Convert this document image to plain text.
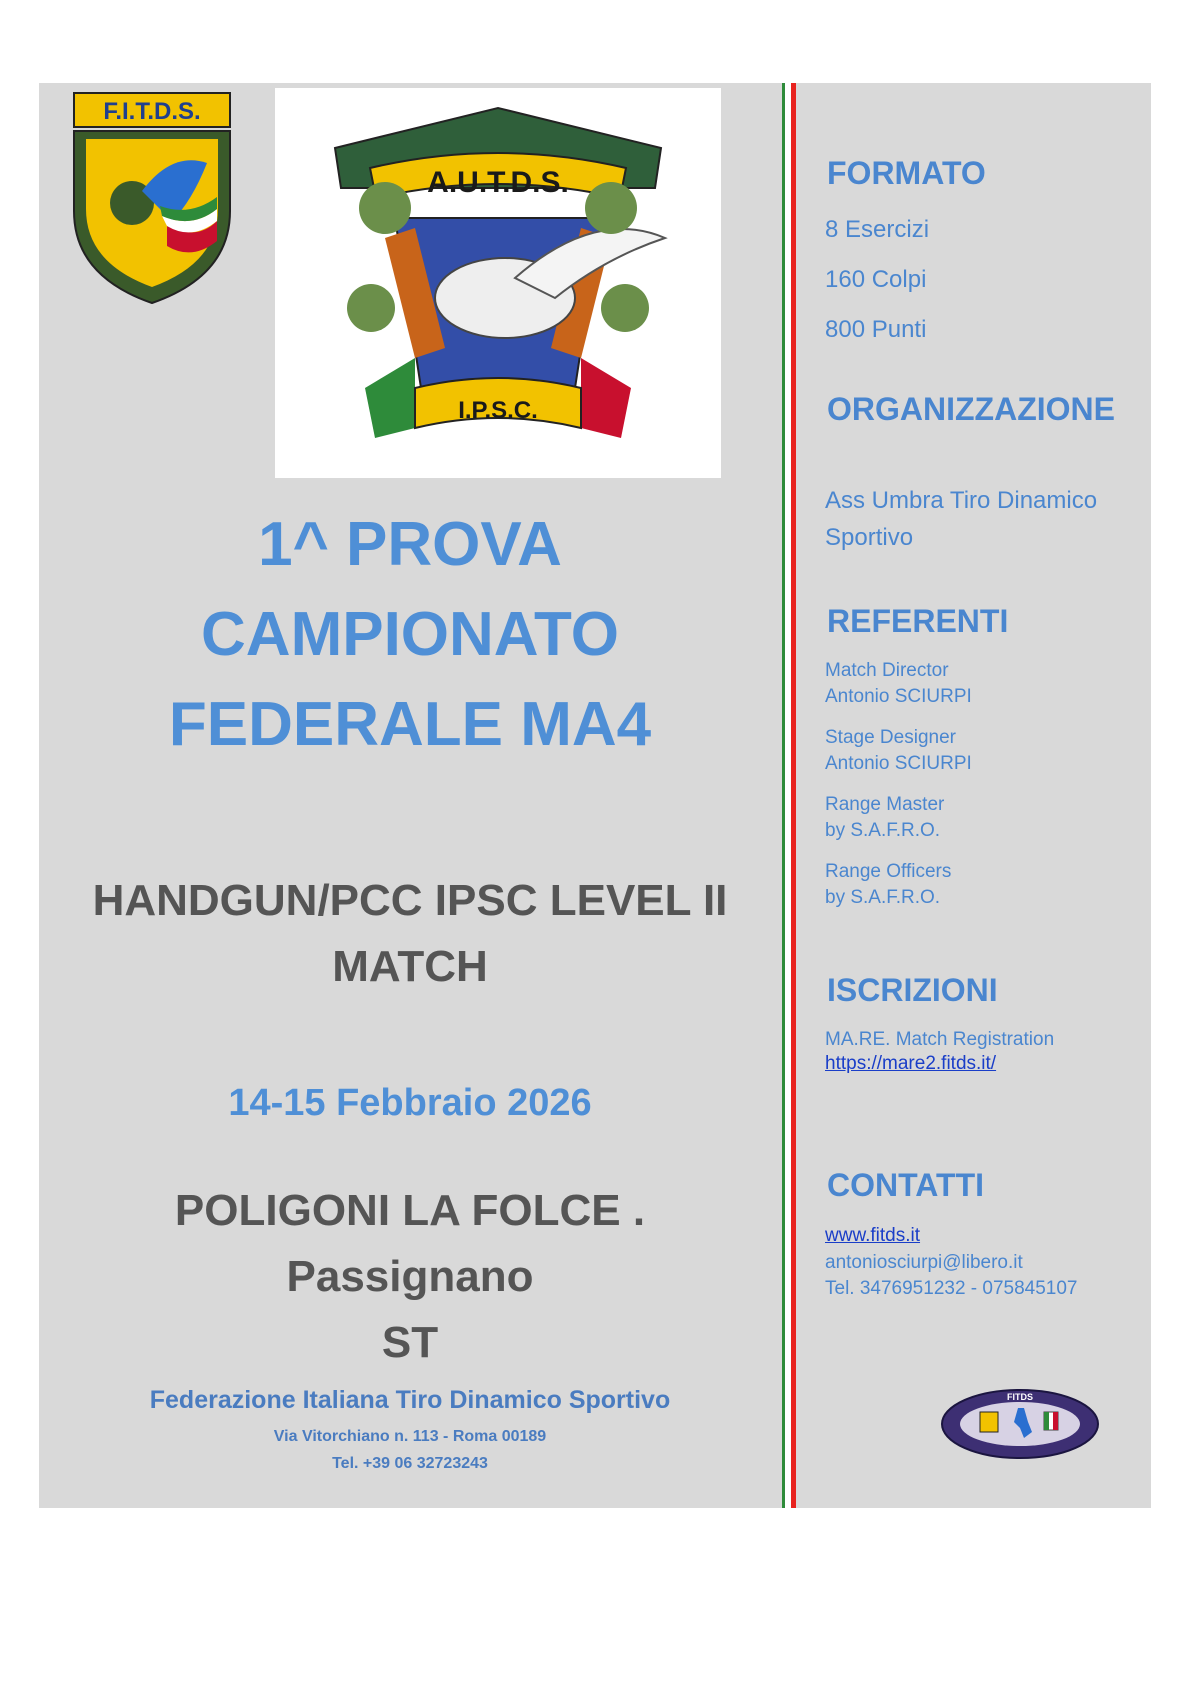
F.I.T.D.S.
A.U.T.D.S.
I.P.S.C.
1^ PROVA
CAMPIONATO
FEDERALE MA4
HANDGUN/PCC IPSC LEVEL II
MATCH
14-15 Febbraio 2026
POLIGONI LA FOLCE . Passignano
ST
Federazione Italiana Tiro Dinamico Sportivo
Via Vitorchiano n. 113 - Roma 00189
Tel. +39 06 32723243
FORMATO
8 Esercizi
160 Colpi
800 Punti
ORGANIZZAZIONE
Ass Umbra Tiro Dinamico
Sportivo
REFERENTI
Match Director
Antonio SCIURPI
Stage Designer
Antonio SCIURPI
Range Master
by S.A.F.R.O.
Range Officers
by S.A.F.R.O.
ISCRIZIONI
MA.RE. Match Registration
https://mare2.fitds.it/
CONTATTI
www.fitds.it
antoniosciurpi@libero.it
Tel. 3476951232 - 075845107
FITDS
